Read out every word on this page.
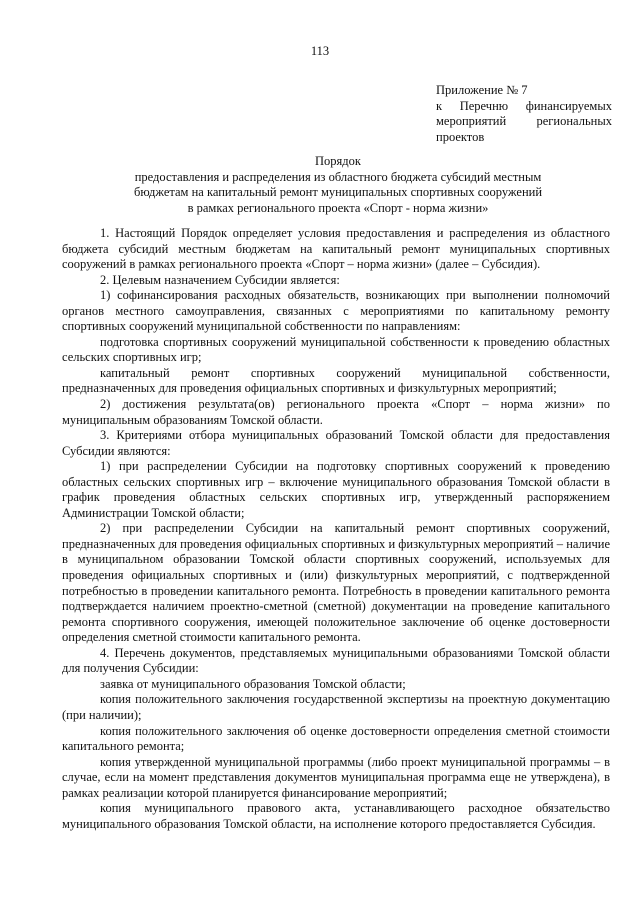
113
Приложение № 7
к Перечню финансируемых
мероприятий региональных
проектов
Порядок
предоставления и распределения из областного бюджета субсидий местным
бюджетам на капитальный ремонт муниципальных спортивных сооружений
в рамках регионального проекта «Спорт - норма жизни»

1. Настоящий Порядок определяет условия предоставления и распределения из областного бюджета субсидий местным бюджетам на капитальный ремонт муниципальных спортивных сооружений в рамках регионального проекта «Спорт – норма жизни» (далее – Субсидия).

2. Целевым назначением Субсидии является:

1) софинансирования расходных обязательств, возникающих при выполнении полномочий органов местного самоуправления, связанных с мероприятиями по капитальному ремонту спортивных сооружений муниципальной собственности по направлениям:

подготовка спортивных сооружений муниципальной собственности к проведению областных сельских спортивных игр;

капитальный ремонт спортивных сооружений муниципальной собственности, предназначенных для проведения официальных спортивных и физкультурных мероприятий;

2) достижения результата(ов) регионального проекта «Спорт – норма жизни» по муниципальным образованиям Томской области.

3. Критериями отбора муниципальных образований Томской области для предоставления Субсидии являются:

1) при распределении Субсидии на подготовку спортивных сооружений к проведению областных сельских спортивных игр – включение муниципального образования Томской области в график проведения областных сельских спортивных игр, утвержденный распоряжением Администрации Томской области;

2) при распределении Субсидии на капитальный ремонт спортивных сооружений, предназначенных для проведения официальных спортивных и физкультурных мероприятий – наличие в муниципальном образовании Томской области спортивных сооружений, используемых для проведения официальных спортивных и (или) физкультурных мероприятий, с подтвержденной потребностью в проведении капитального ремонта. Потребность в проведении капитального ремонта подтверждается наличием проектно-сметной (сметной) документации на проведение капитального ремонта спортивного сооружения, имеющей положительное заключение об оценке достоверности определения сметной стоимости капитального ремонта.

4. Перечень документов, представляемых муниципальными образованиями Томской области для получения Субсидии:

заявка от муниципального образования Томской области;

копия положительного заключения государственной экспертизы на проектную документацию (при наличии);

копия положительного заключения об оценке достоверности определения сметной стоимости капитального ремонта;

копия утвержденной муниципальной программы (либо проект муниципальной программы – в случае, если на момент представления документов муниципальная программа еще не утверждена), в рамках реализации которой планируется финансирование мероприятий;

копия муниципального правового акта, устанавливающего расходное обязательство муниципального образования Томской области, на исполнение которого предоставляется Субсидия.
